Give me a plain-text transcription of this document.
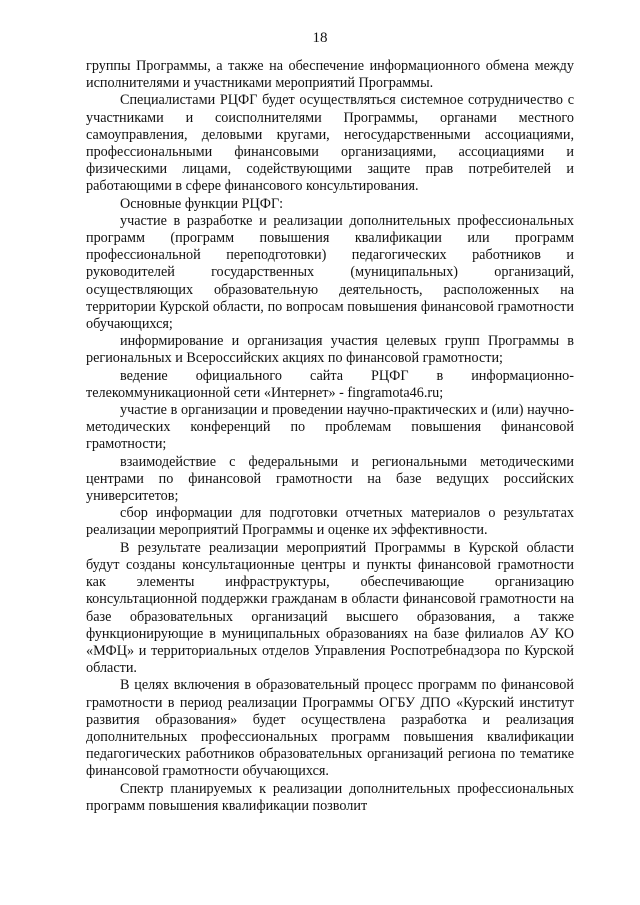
18

группы Программы, а также на обеспечение информационного обмена между исполнителями и участниками мероприятий Программы.

Специалистами РЦФГ будет осуществляться системное сотрудничество с участниками и соисполнителями Программы, органами местного самоуправления, деловыми кругами, негосударственными ассоциациями, профессиональными финансовыми организациями, ассоциациями и физическими лицами, содействующими защите прав потребителей и работающими в сфере финансового консультирования.

Основные функции РЦФГ:

участие в разработке и реализации дополнительных профессиональных программ (программ повышения квалификации или программ профессиональной переподготовки) педагогических работников и руководителей государственных (муниципальных) организаций, осуществляющих образовательную деятельность, расположенных на территории Курской области, по вопросам повышения финансовой грамотности обучающихся;

информирование и организация участия целевых групп Программы в региональных и Всероссийских акциях по финансовой грамотности;

ведение официального сайта РЦФГ в информационно-телекоммуникационной сети «Интернет» - fingramota46.ru;

участие в организации и проведении научно-практических и (или) научно-методических конференций по проблемам повышения финансовой грамотности;

взаимодействие с федеральными и региональными методическими центрами по финансовой грамотности на базе ведущих российских университетов;

сбор информации для подготовки отчетных материалов о результатах реализации мероприятий Программы и оценке их эффективности.

В результате реализации мероприятий Программы в Курской области будут созданы консультационные центры и пункты финансовой грамотности как элементы инфраструктуры, обеспечивающие организацию консультационной поддержки гражданам в области финансовой грамотности на базе образовательных организаций высшего образования, а также функционирующие в муниципальных образованиях на базе филиалов АУ КО «МФЦ» и территориальных отделов Управления Роспотребнадзора по Курской области.

В целях включения в образовательный процесс программ по финансовой грамотности в период реализации Программы ОГБУ ДПО «Курский институт развития образования» будет осуществлена разработка и реализация дополнительных профессиональных программ повышения квалификации педагогических работников образовательных организаций региона по тематике финансовой грамотности обучающихся.

Спектр планируемых к реализации дополнительных профессиональных программ повышения квалификации позволит
